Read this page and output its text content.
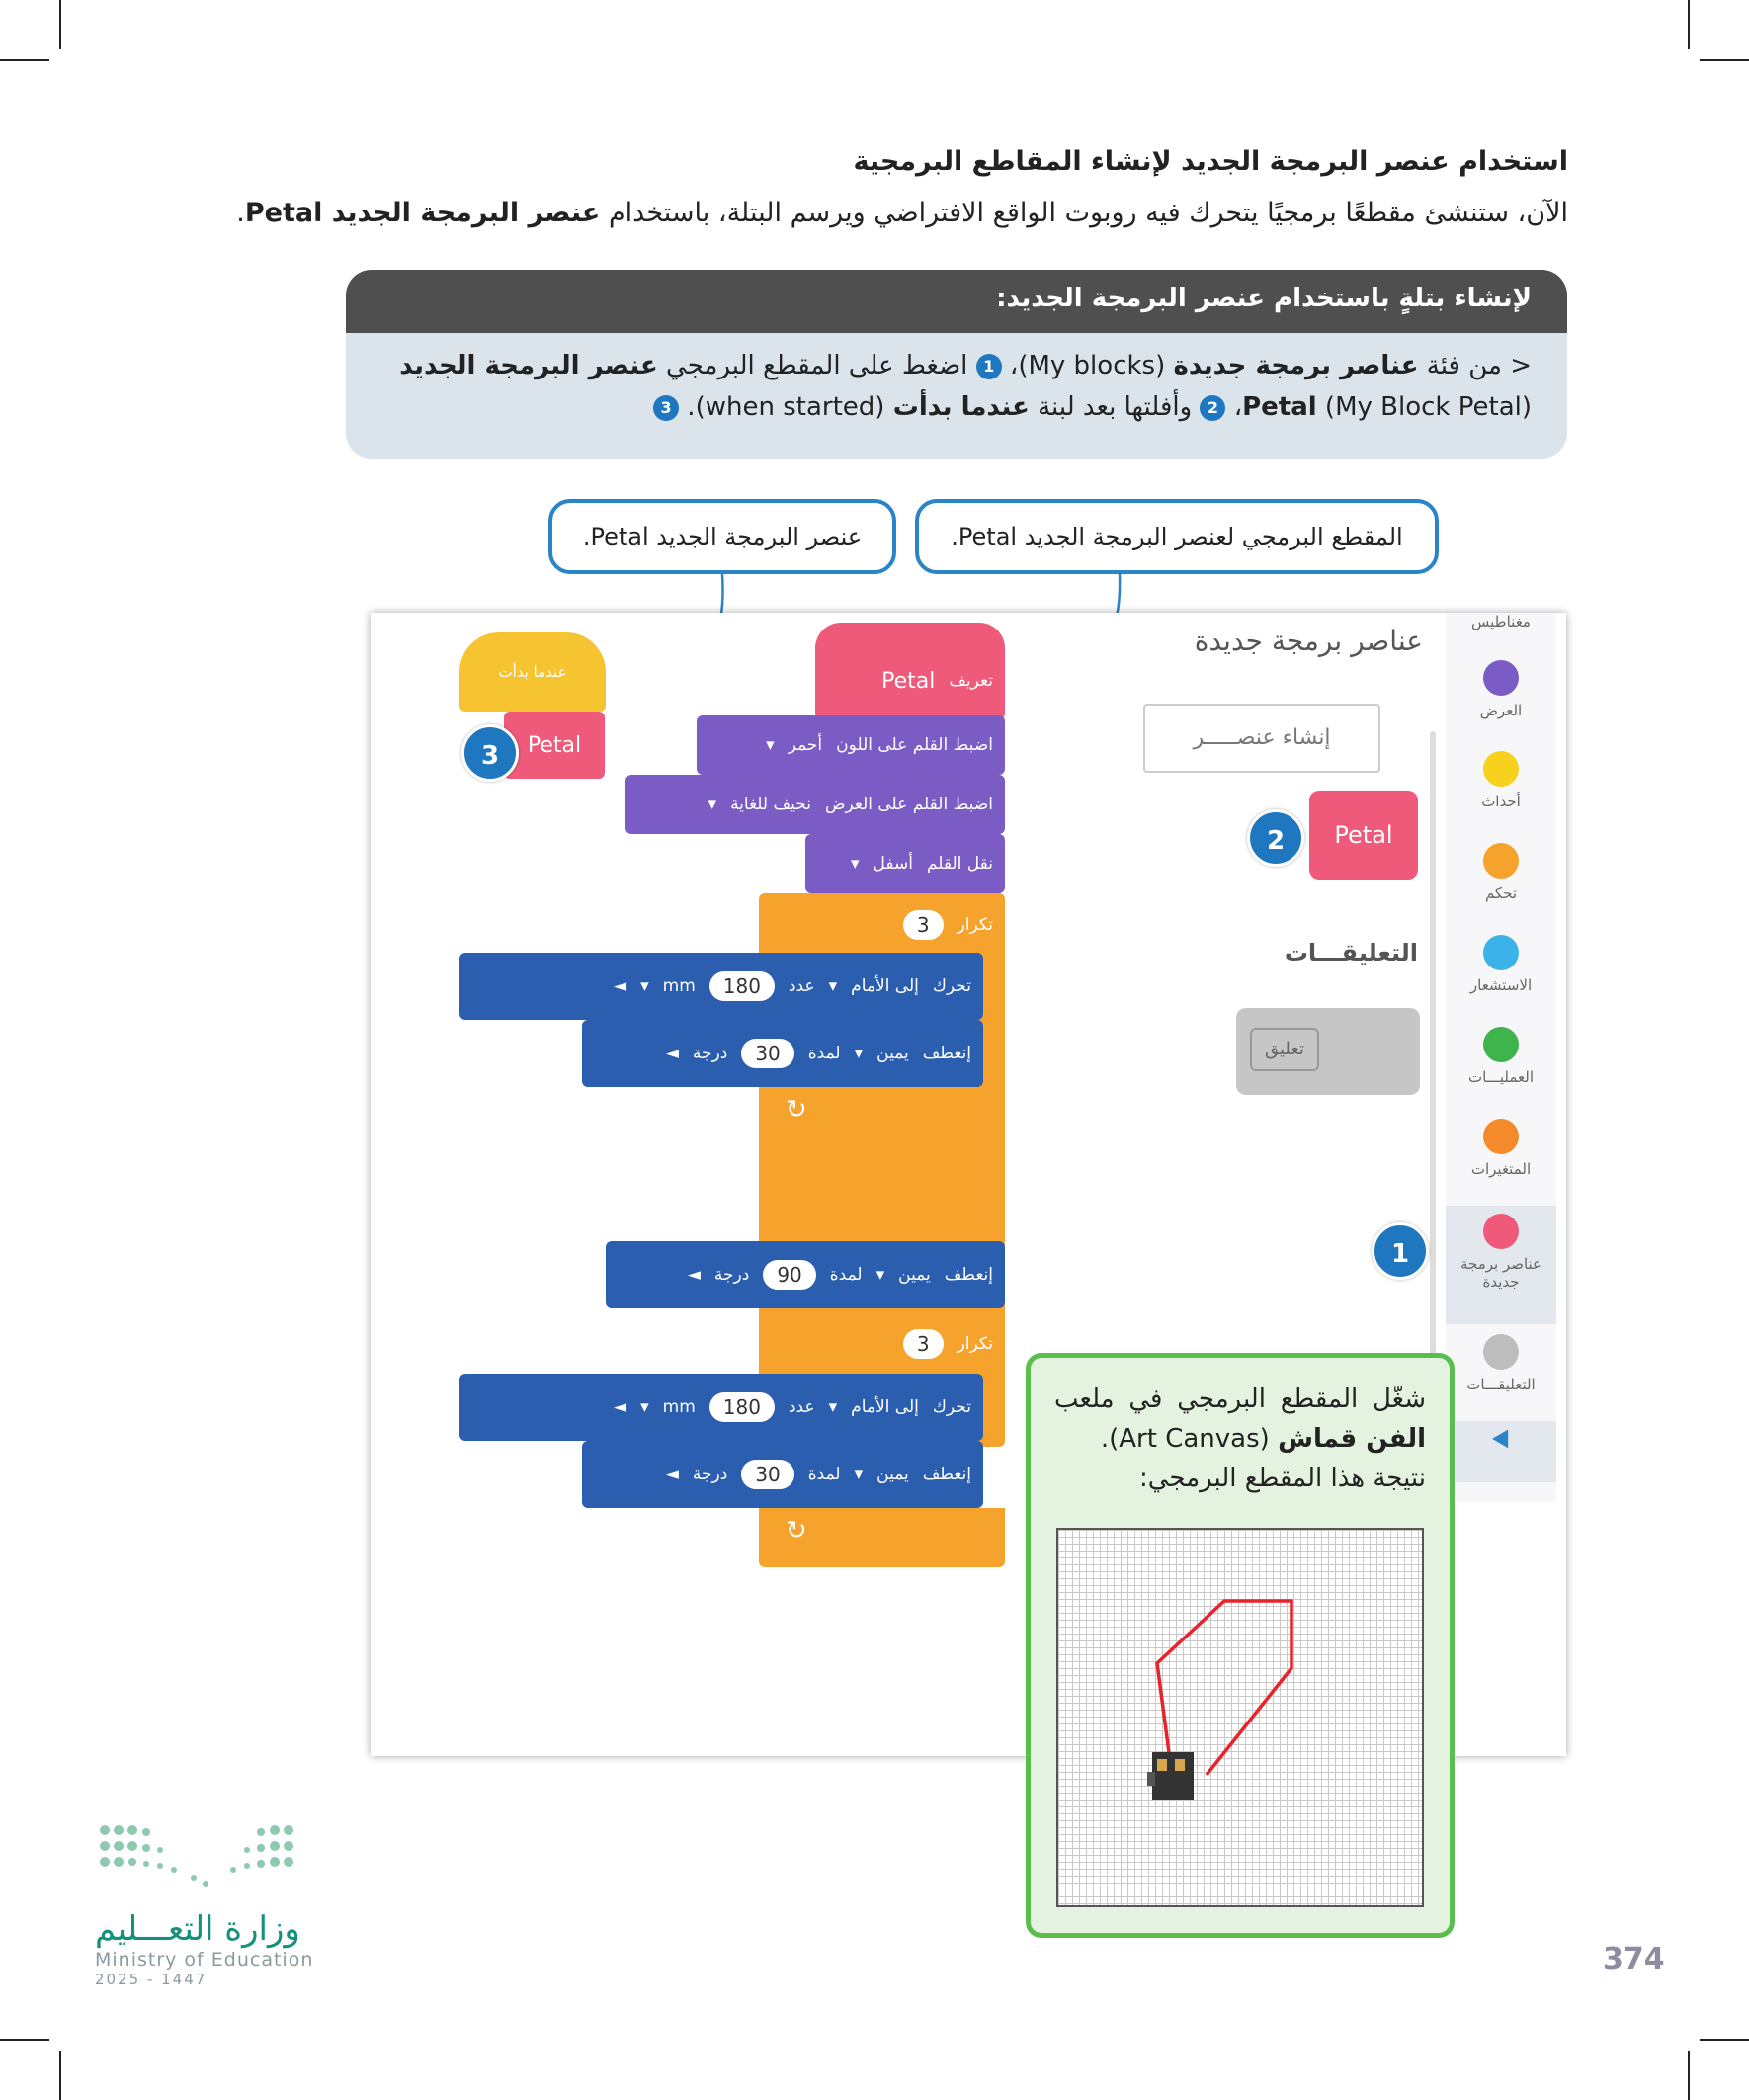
استخدام عنصر البرمجة الجديد لإنشاء المقاطع البرمجية

الآن، ستنشئ مقطعًا برمجيًا يتحرك فيه روبوت الواقع الافتراضي ويرسم البتلة، باستخدام عنصر البرمجة الجديد Petal.

لإنشاء بتلةٍ باستخدام عنصر البرمجة الجديد:
< من فئة عناصر برمجة جديدة (My blocks)، 1 اضغط على المقطع البرمجي عنصر البرمجة الجديد Petal (My Block Petal)، 2 وأفلتها بعد لبنة عندما بدأت (when started). 3
عنصر البرمجة الجديد Petal.	المقطع البرمجي لعنصر البرمجة الجديد Petal.
مغناطيس
العرض
أحداث
تحكم
الاستشعار
العمليـــات
المتغيرات
عناصر برمجة جديدة
التعليقـــات
⯇
عناصر برمجة جديدة
إنشاء عنصـــــر
Petal
التعليقـــات
تعليق
عندما بدأت
Petal
تعريف
Petal
اضبط القلم على اللون
أحمر
▾
اضبط القلم على العرض
نحيف للغاية
▾
نقل القلم
أسفل
▾
تكرار
3
تحرك
إلى الأمام
▾
عدد
180
mm
▾
◄
إنعطف
يمين
▾
لمدة
30
درجة
◄
↻
إنعطف
يمين
▾
لمدة
90
درجة
◄
تكرار
3
تحرك
إلى الأمام
▾
عدد
180
mm
▾
◄
إنعطف
يمين
▾
لمدة
30
درجة
◄
↻
3
2
1
شغّل المقطع البرمجي في ملعب الفن قماش (Art Canvas).
نتيجة هذا المقطع البرمجي:
وزارة التعـــليم
Ministry of Education
2025 - 1447
374
